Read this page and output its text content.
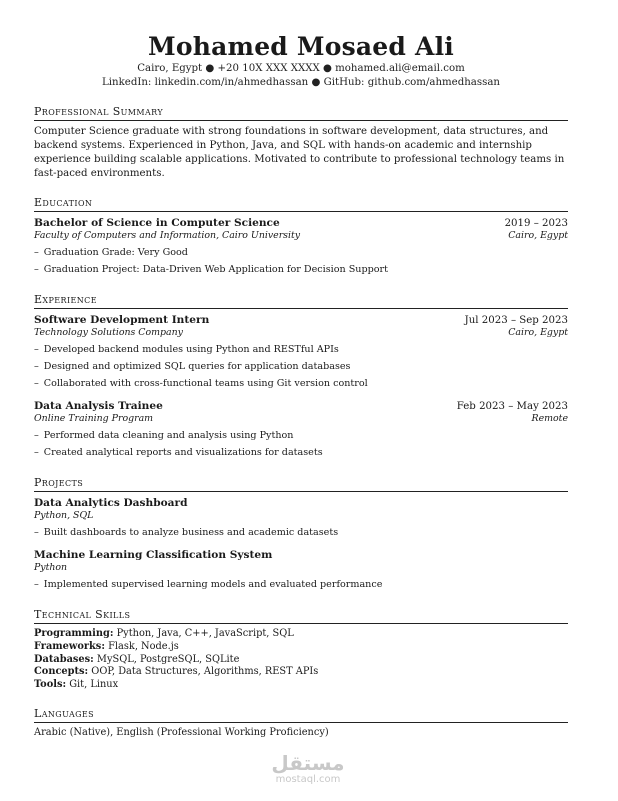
Mohamed Mosaed Ali
Cairo, Egypt ● +20 10X XXX XXXX ● mohamed.ali@email.com
LinkedIn: linkedin.com/in/ahmedhassan ● GitHub: github.com/ahmedhassan
Professional Summary
Computer Science graduate with strong foundations in software development, data structures, and backend systems. Experienced in Python, Java, and SQL with hands-on academic and internship experience building scalable applications. Motivated to contribute to professional technology teams in fast-paced environments.
Education
Bachelor of Science in Computer Science	2019 – 2023
Faculty of Computers and Information, Cairo University	Cairo, Egypt
– Graduation Grade: Very Good
– Graduation Project: Data-Driven Web Application for Decision Support
Experience
Software Development Intern	Jul 2023 – Sep 2023
Technology Solutions Company	Cairo, Egypt
– Developed backend modules using Python and RESTful APIs
– Designed and optimized SQL queries for application databases
– Collaborated with cross-functional teams using Git version control
Data Analysis Trainee	Feb 2023 – May 2023
Online Training Program	Remote
– Performed data cleaning and analysis using Python
– Created analytical reports and visualizations for datasets
Projects
Data Analytics Dashboard
Python, SQL
– Built dashboards to analyze business and academic datasets
Machine Learning Classification System
Python
– Implemented supervised learning models and evaluated performance
Technical Skills
Programming: Python, Java, C++, JavaScript, SQL
Frameworks: Flask, Node.js
Databases: MySQL, PostgreSQL, SQLite
Concepts: OOP, Data Structures, Algorithms, REST APIs
Tools: Git, Linux
Languages
Arabic (Native), English (Professional Working Proficiency)
مستقل
mostaql.com
